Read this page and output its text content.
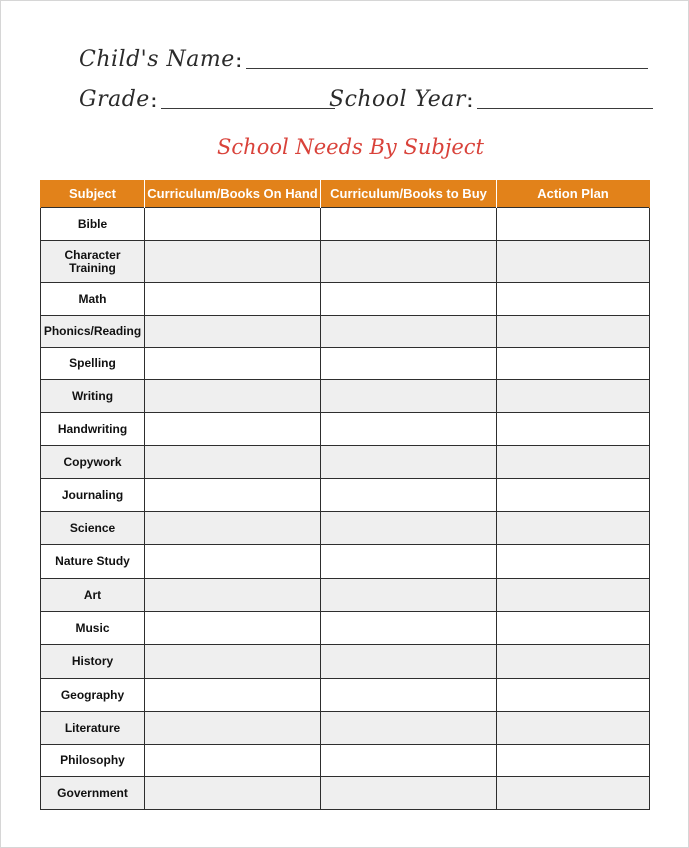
Child's Name :
Grade :	School Year :
School Needs By Subject
Subject	Curriculum/Books On Hand	Curriculum/Books to Buy	Action Plan
Bible			
Character Training			
Math			
Phonics/Reading			
Spelling			
Writing			
Handwriting			
Copywork			
Journaling			
Science			
Nature Study			
Art			
Music			
History			
Geography			
Literature			
Philosophy			
Government			
